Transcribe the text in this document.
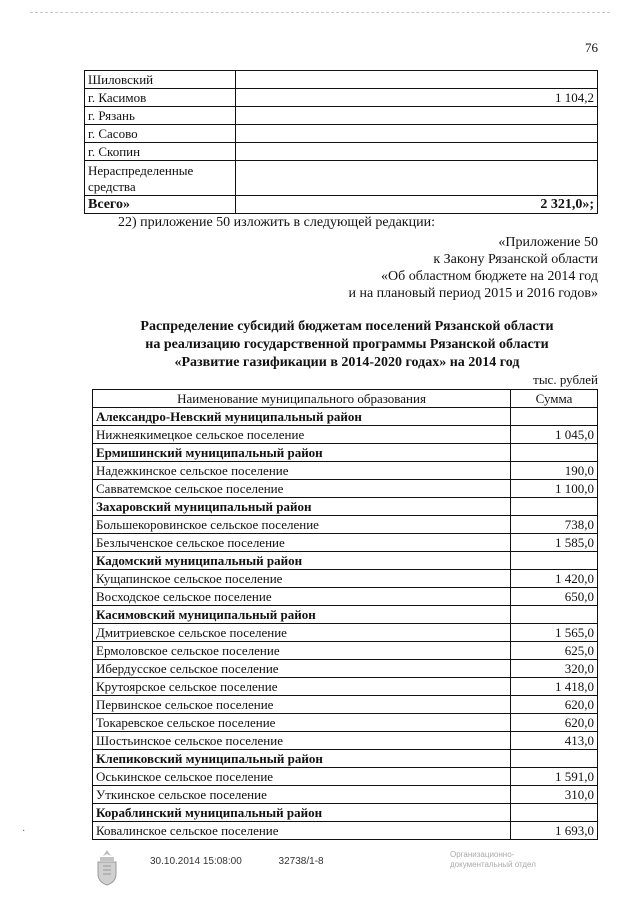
76
Шиловский	
г. Касимов	1 104,2
г. Рязань	
г. Сасово	
г. Скопин	
Нераспределенные средства	
Всего»	2 321,0»;
22) приложение 50 изложить в следующей редакции:
«Приложение 50
к Закону Рязанской области
«Об областном бюджете на 2014 год
и на плановый период 2015 и 2016 годов»
Распределение субсидий бюджетам поселений Рязанской области
на реализацию государственной программы Рязанской области
«Развитие газификации в 2014-2020 годах» на 2014 год
тыс. рублей
Наименование муниципального образования	Сумма
Александро-Невский муниципальный район	
Нижнеякимецкое сельское поселение	1 045,0
Ермишинский муниципальный район	
Надежкинское сельское поселение	190,0
Савватемское сельское поселение	1 100,0
Захаровский муниципальный район	
Большекоровинское сельское поселение	738,0
Безлыченское сельское поселение	1 585,0
Кадомский муниципальный район	
Кущапинское сельское поселение	1 420,0
Восходское сельское поселение	650,0
Касимовский муниципальный район	
Дмитриевское сельское поселение	1 565,0
Ермоловское сельское поселение	625,0
Ибердусское сельское поселение	320,0
Крутоярское сельское поселение	1 418,0
Первинское сельское поселение	620,0
Токаревское сельское поселение	620,0
Шостьинское сельское поселение	413,0
Клепиковский муниципальный район	
Оськинское сельское поселение	1 591,0
Уткинское сельское поселение	310,0
Кораблинский муниципальный район	
Ковалинское сельское поселение	1 693,0
·
30.10.2014 15:08:00	32738/1-8
Организационно-
документальный отдел
